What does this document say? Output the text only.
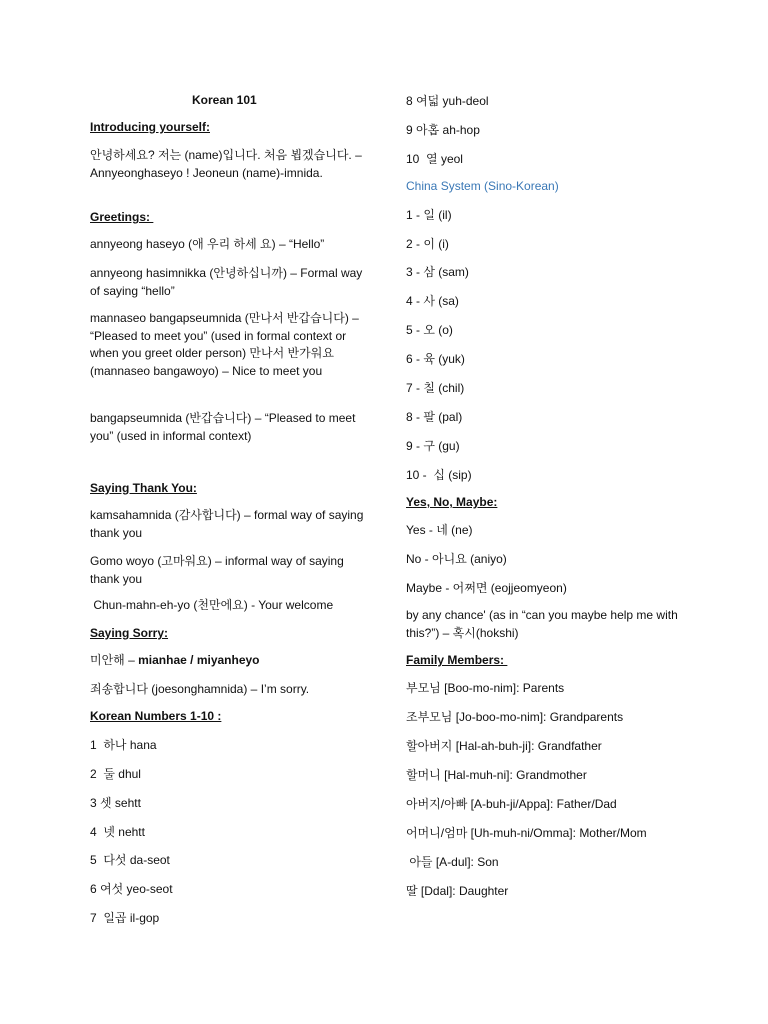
Korean 101
Introducing yourself:
안녕하세요? 저는 (name)입니다. 처음 뵙겠습니다. – Annyeonghaseyo ! Jeoneun (name)-imnida.
Greetings:
annyeong haseyo (애 우리 하세 요) – “Hello”
annyeong hasimnikka (안녕하십니까) – Formal way of saying “hello”
mannaseo bangapseumnida (만나서 반갑습니다) – “Pleased to meet you” (used in formal context or when you greet older person) 만나서 반가워요 (mannaseo bangawoyo) – Nice to meet you
bangapseumnida (반갑습니다) – “Pleased to meet you” (used in informal context)
Saying Thank You:
kamsahamnida (감사합니다) – formal way of saying thank you
Gomo woyo (고마워요) – informal way of saying thank you
Chun-mahn-eh-yo (천만에요) - Your welcome
Saying Sorry:
미안해 – mianhae / miyanheyo
죄송합니다 (joesonghamnida) – I’m sorry.
Korean Numbers 1-10 :
1  하나 hana
2  둘 dhul
3 셋 sehtt
4  넷 nehtt
5  다섯 da-seot
6 여섯 yeo-seot
7  일곱 il-gop
8 여덟 yuh-deol
9 아홉 ah-hop
10  열 yeol
China System (Sino-Korean)
1 - 일 (il)
2 - 이 (i)
3 - 삼 (sam)
4 - 사 (sa)
5 - 오 (o)
6 - 육 (yuk)
7 - 칠 (chil)
8 - 팔 (pal)
9 - 구 (gu)
10 -  십 (sip)
Yes, No, Maybe:
Yes - 네 (ne)
No - 아니요 (aniyo)
Maybe - 어쩌면 (eojjeomyeon)
by any chance' (as in “can you maybe help me with this?”) – 혹시(hokshi)
Family Members:
부모님 [Boo-mo-nim]: Parents
조부모님 [Jo-boo-mo-nim]: Grandparents
할아버지 [Hal-ah-buh-ji]: Grandfather
할머니 [Hal-muh-ni]: Grandmother
아버지/아빠 [A-buh-ji/Appa]: Father/Dad
어머니/엄마 [Uh-muh-ni/Omma]: Mother/Mom
아들 [A-dul]: Son
딸 [Ddal]: Daughter
